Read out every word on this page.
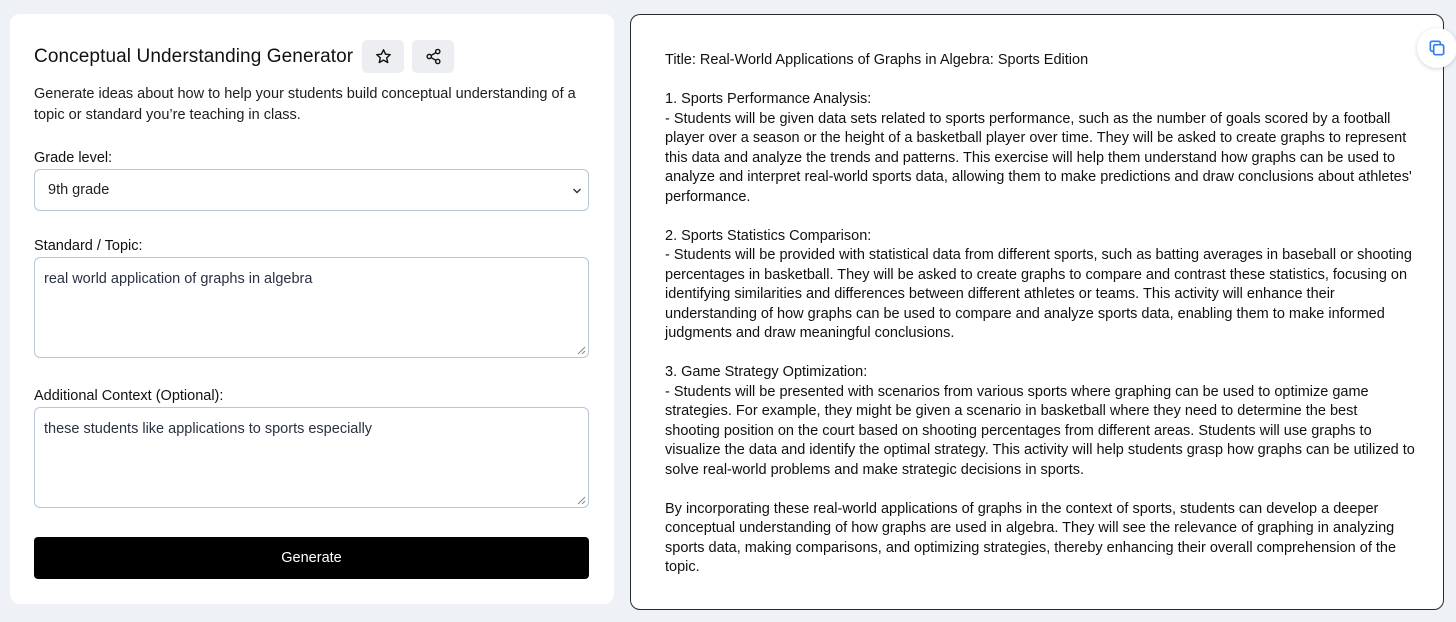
Conceptual Understanding Generator

Generate ideas about how to help your students build conceptual understanding of a topic or standard you’re teaching in class.

Grade level:
9th grade
Standard / Topic:
real world application of graphs in algebra
Additional Context (Optional):
these students like applications to sports especially
Generate
Title: Real-World Applications of Graphs in Algebra: Sports Edition

1. Sports Performance Analysis:
- Students will be given data sets related to sports performance, such as the number of goals scored by a football player over a season or the height of a basketball player over time. They will be asked to create graphs to represent this data and analyze the trends and patterns. This exercise will help them understand how graphs can be used to analyze and interpret real-world sports data, allowing them to make predictions and draw conclusions about athletes' performance.

2. Sports Statistics Comparison:
- Students will be provided with statistical data from different sports, such as batting averages in baseball or shooting percentages in basketball. They will be asked to create graphs to compare and contrast these statistics, focusing on identifying similarities and differences between different athletes or teams. This activity will enhance their understanding of how graphs can be used to compare and analyze sports data, enabling them to make informed judgments and draw meaningful conclusions.

3. Game Strategy Optimization:
- Students will be presented with scenarios from various sports where graphing can be used to optimize game strategies. For example, they might be given a scenario in basketball where they need to determine the best shooting position on the court based on shooting percentages from different areas. Students will use graphs to visualize the data and identify the optimal strategy. This activity will help students grasp how graphs can be utilized to solve real-world problems and make strategic decisions in sports.

By incorporating these real-world applications of graphs in the context of sports, students can develop a deeper conceptual understanding of how graphs are used in algebra. They will see the relevance of graphing in analyzing sports data, making comparisons, and optimizing strategies, thereby enhancing their overall comprehension of the topic.
